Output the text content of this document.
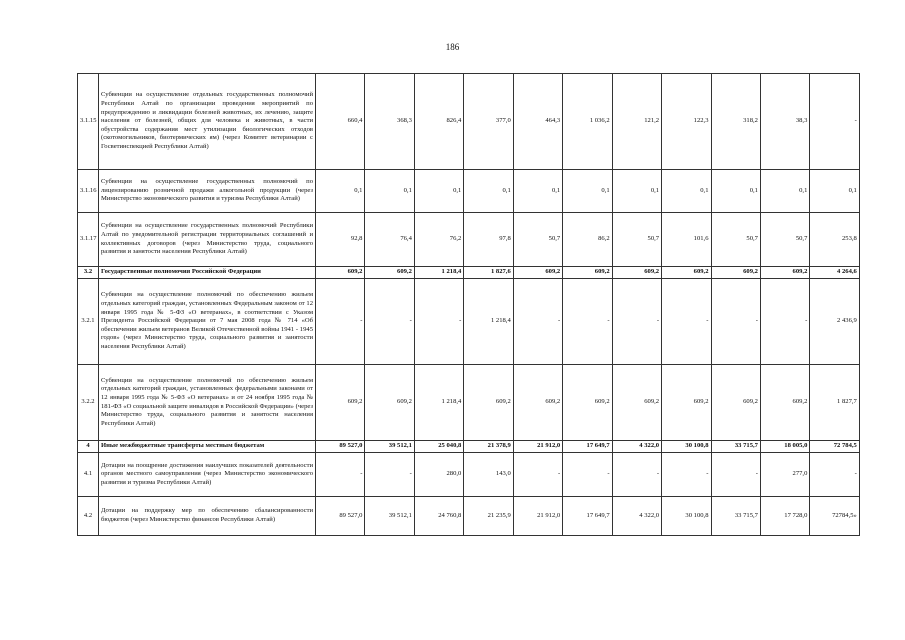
186
3.1.15	Субвенции на осуществление отдельных государственных полномочий Республики Алтай по организации проведения мероприятий по предупреждению и ликвидации болезней животных, их лечению, защите населения от болезней, общих для человека и животных, в части обустройства содержания мест утилизации биологических отходов (скотомогильников, биотермических ям) (через Комитет ветеринарии с Госветинспекцией Республики Алтай)	660,4	368,3	826,4	377,0	464,3	1 036,2	121,2	122,3	318,2	38,3	-
3.1.16	Субвенции на осуществление государственных полномочий по лицензированию розничной продажи алкогольной продукции (через Министерство экономического развития и туризма Республики Алтай)	0,1	0,1	0,1	0,1	0,1	0,1	0,1	0,1	0,1	0,1	0,1
3.1.17	Субвенции на осуществление государственных полномочий Республики Алтай по уведомительной регистрации территориальных соглашений и коллективных договоров (через Министерство труда, социального развития и занятости населения Республики Алтай)	92,8	76,4	76,2	97,8	50,7	86,2	50,7	101,6	50,7	50,7	253,8
3.2	Государственные полномочия Российской Федерации	609,2	609,2	1 218,4	1 827,6	609,2	609,2	609,2	609,2	609,2	609,2	4 264,6
3.2.1	Субвенции на осуществление полномочий по обеспечению жильем отдельных категорий граждан, установленных Федеральным законом от 12 января 1995 года № 5-ФЗ «О ветеранах», в соответствии с Указом Президента Российской Федерации от 7 мая 2008 года № 714 «Об обеспечении жильем ветеранов Великой Отечественной войны 1941 - 1945 годов» (через Министерство труда, социального развития и занятости населения Республики Алтай)	-	-	-	1 218,4	-	-	-	-	-	-	2 436,9
3.2.2	Субвенции на осуществление полномочий по обеспечению жильем отдельных категорий граждан, установленных федеральными законами от 12 января 1995 года № 5-ФЗ «О ветеранах» и от 24 ноября 1995 года № 181-ФЗ «О социальной защите инвалидов в Российской Федерации» (через Министерство труда, социального развития и занятости населения Республики Алтай)	609,2	609,2	1 218,4	609,2	609,2	609,2	609,2	609,2	609,2	609,2	1 827,7
4	Иные межбюджетные трансферты местным бюджетам	89 527,0	39 512,1	25 040,8	21 378,9	21 912,0	17 649,7	4 322,0	30 100,8	33 715,7	18 005,0	72 784,5
4.1	Дотации на поощрение достижения наилучших показателей деятельности органов местного самоуправления (через Министерство экономического развития и туризма Республики Алтай)	-	-	280,0	143,0	-	-	-	-	-	277,0	-
4.2	Дотации на поддержку мер по обеспечению сбалансированности бюджетов (через Министерство финансов Республики Алтай)	89 527,0	39 512,1	24 760,8	21 235,9	21 912,0	17 649,7	4 322,0	30 100,8	33 715,7	17 728,0	72784,5»
